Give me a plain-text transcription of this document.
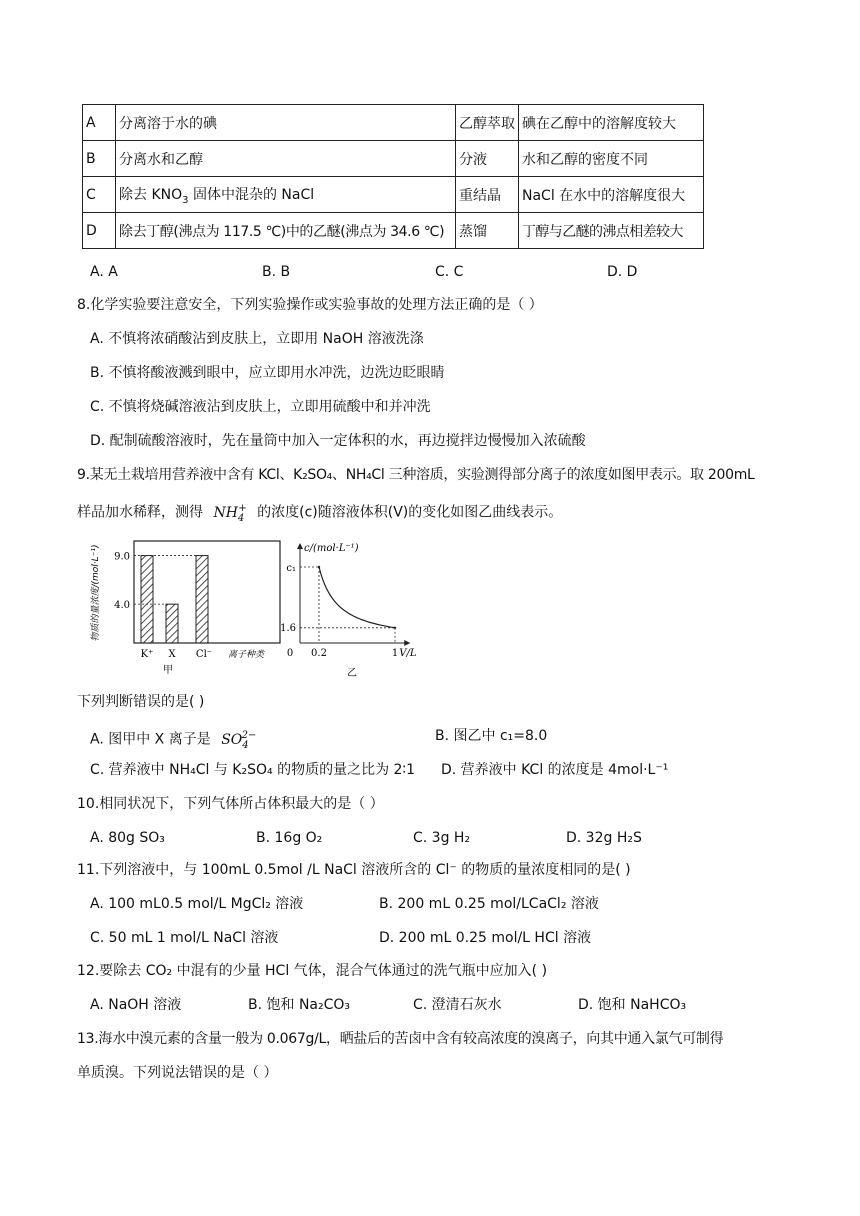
A	分离溶于水的碘	乙醇萃取	碘在乙醇中的溶解度较大
B	分离水和乙醇	分液	水和乙醇的密度不同
C	除去 $KNO_3$ 固体中混杂的 NaCl	重结晶	NaCl 在水中的溶解度很大
D	除去丁醇(沸点为 117.5 ℃)中的乙醚(沸点为 34.6 ℃)	蒸馏	丁醇与乙醚的沸点相差较大
A. A	B. B	C. C	D. D
8.化学实验要注意安全，下列实验操作或实验事故的处理方法正确的是（ ）
A. 不慎将浓硝酸沾到皮肤上，立即用 NaOH 溶液洗涤
B. 不慎将酸液溅到眼中，应立即用水冲洗，边洗边眨眼睛
C. 不慎将烧碱溶液沾到皮肤上，立即用硫酸中和并冲洗
D. 配制硫酸溶液时，先在量筒中加入一定体积的水，再边搅拌边慢慢加入浓硫酸
9.某无土栽培用营养液中含有 KCl、K₂SO₄、NH₄Cl 三种溶质，实验测得部分离子的浓度如图甲表示。取 200mL
样品加水稀释，测得 $NH_4^+$ 的浓度(c)随溶液体积(V)的变化如图乙曲线表示。
K⁺ X Cl⁻
4.0
9.0
物质的量浓度/(mol·L⁻¹)
离子种类
甲
c₁
1.6
0 0.2	1
c/(mol·L⁻¹)
V/L
乙
下列判断错误的是( )
A. 图甲中 X 离子是 $SO_4^{2-}$	B. 图乙中 c₁=8.0
C. 营养液中 NH₄Cl 与 K₂SO₄ 的物质的量之比为 2∶1 D. 营养液中 KCl 的浓度是 4mol·L⁻¹
10.相同状况下，下列气体所占体积最大的是（ ）
A. 80g SO₃	B. 16g O₂	C. 3g H₂	D. 32g H₂S
11.下列溶液中，与 100mL 0.5mol /L NaCl 溶液所含的 Cl⁻ 的物质的量浓度相同的是( )
A. 100 mL0.5 mol/L MgCl₂ 溶液	B. 200 mL 0.25 mol/LCaCl₂ 溶液
C. 50 mL 1 mol/L NaCl 溶液	D. 200 mL 0.25 mol/L HCl 溶液
12.要除去 CO₂ 中混有的少量 HCl 气体，混合气体通过的洗气瓶中应加入( )
A. NaOH 溶液	B. 饱和 Na₂CO₃	C. 澄清石灰水	D. 饱和 NaHCO₃
13.海水中溴元素的含量一般为 0.067g/L，晒盐后的苦卤中含有较高浓度的溴离子，向其中通入氯气可制得
单质溴。下列说法错误的是（ ）
